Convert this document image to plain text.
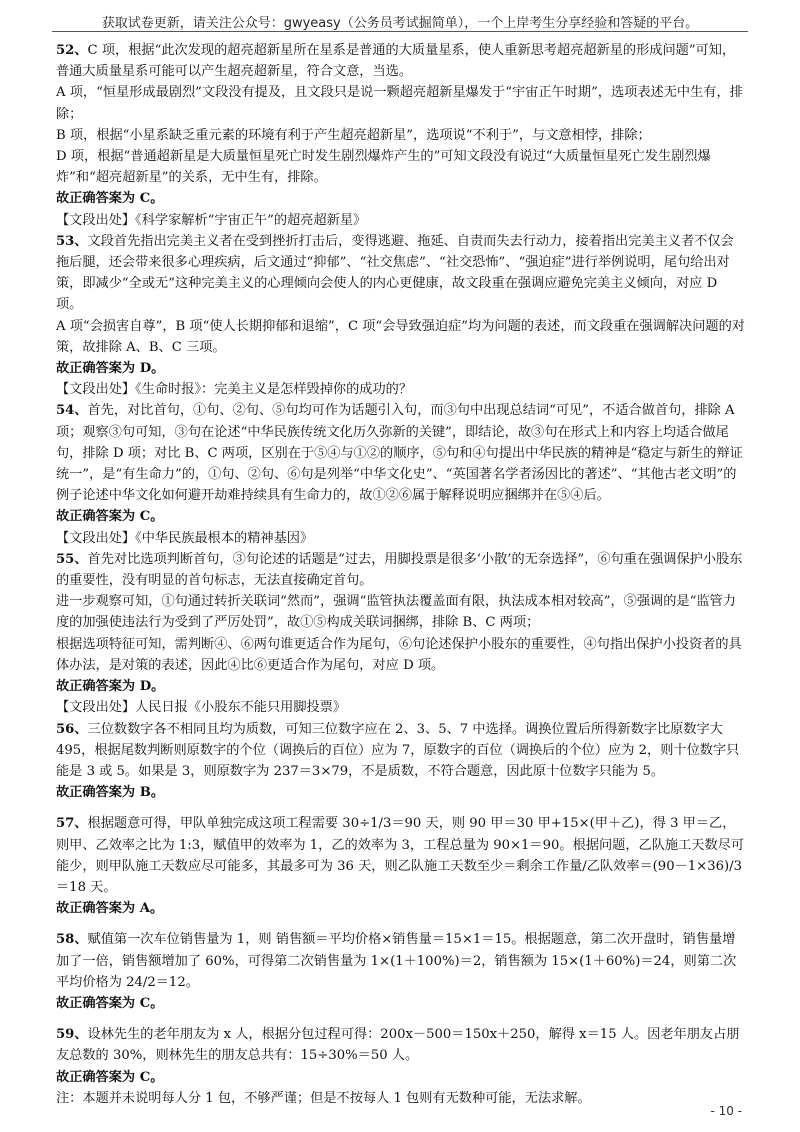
获取试卷更新，请关注公众号：gwyeasy（公务员考试掘简单），一个上岸考生分享经验和答疑的平台。

52、C 项，根据“此次发现的超亮超新星所在星系是普通的大质量星系，使人重新思考超亮超新星的形成问题”可知，普通大质量星系可能可以产生超亮超新星，符合文意，当选。

A 项，“恒星形成最剧烈”文段没有提及，且文段只是说一颗超亮超新星爆发于“宇宙正午时期”，选项表述无中生有，排除；

B 项，根据“小星系缺乏重元素的环境有利于产生超亮超新星”，选项说“不利于”，与文意相悖，排除；

D 项，根据“普通超新星是大质量恒星死亡时发生剧烈爆炸产生的”可知文段没有说过“大质量恒星死亡发生剧烈爆炸”和“超亮超新星”的关系，无中生有，排除。

故正确答案为 C。

【文段出处】《科学家解析“宇宙正午”的超亮超新星》

53、文段首先指出完美主义者在受到挫折打击后，变得逃避、拖延、自责而失去行动力，接着指出完美主义者不仅会拖后腿，还会带来很多心理疾病，后文通过“抑郁”、“社交焦虑”、“社交恐怖”、“强迫症”进行举例说明，尾句给出对策，即减少“全或无”这种完美主义的心理倾向会使人的内心更健康，故文段重在强调应避免完美主义倾向，对应 D 项。

A 项“会损害自尊”，B 项“使人长期抑郁和退缩”，C 项“会导致强迫症”均为问题的表述，而文段重在强调解决问题的对策，故排除 A、B、C 三项。

故正确答案为 D。

【文段出处】《生命时报》：完美主义是怎样毁掉你的成功的？

54、首先，对比首句，①句、②句、⑤句均可作为话题引入句，而③句中出现总结词“可见”，不适合做首句，排除 A 项；观察③句可知，③句在论述“中华民族传统文化历久弥新的关键”，即结论，故③句在形式上和内容上均适合做尾句，排除 D 项；对比 B、C 两项，区别在于⑤④与①②的顺序，⑤句和④句提出中华民族的精神是“稳定与新生的辩证统一”，是“有生命力”的，①句、②句、⑥句是列举“中华文化史”、“英国著名学者汤因比的著述”、“其他古老文明”的例子论述中华文化如何避开劫难持续具有生命力的，故①②⑥属于解释说明应捆绑并在⑤④后。

故正确答案为 C。

【文段出处】《中华民族最根本的精神基因》

55、首先对比选项判断首句，③句论述的话题是“过去，用脚投票是很多‘小散’的无奈选择”，⑥句重在强调保护小股东的重要性，没有明显的首句标志，无法直接确定首句。

进一步观察可知，①句通过转折关联词“然而”，强调“监管执法覆盖面有限，执法成本相对较高”，⑤强调的是“监管力度的加强使违法行为受到了严厉处罚”，故①⑤构成关联词捆绑，排除 B、C 两项；

根据选项特征可知，需判断④、⑥两句谁更适合作为尾句，⑥句论述保护小股东的重要性，④句指出保护小投资者的具体办法，是对策的表述，因此④比⑥更适合作为尾句，对应 D 项。

故正确答案为 D。

【文段出处】人民日报《小股东不能只用脚投票》

56、三位数数字各不相同且均为质数，可知三位数字应在 2、3、5、7 中选择。调换位置后所得新数字比原数字大 495，根据尾数判断则原数字的个位（调换后的百位）应为 7，原数字的百位（调换后的个位）应为 2，则十位数字只能是 3 或 5。如果是 3，则原数字为 237＝3×79，不是质数，不符合题意，因此原十位数字只能为 5。

故正确答案为 B。

57、根据题意可得，甲队单独完成这项工程需要 30÷1/3＝90 天，则 90 甲＝30 甲+15×(甲＋乙)，得 3 甲＝乙，则甲、乙效率之比为 1:3，赋值甲的效率为 1，乙的效率为 3，工程总量为 90×1＝90。根据问题，乙队施工天数尽可能少，则甲队施工天数应尽可能多，其最多可为 36 天，则乙队施工天数至少＝剩余工作量/乙队效率＝(90－1×36)/3＝18 天。

故正确答案为 A。

58、赋值第一次车位销售量为 1，则 销售额＝平均价格×销售量＝15×1＝15。根据题意，第二次开盘时，销售量增加了一倍，销售额增加了 60%，可得第二次销售量为 1×(1＋100%)＝2，销售额为 15×(1＋60%)＝24，则第二次平均价格为 24/2＝12。

故正确答案为 C。

59、设林先生的老年朋友为 x 人，根据分包过程可得：200x－500＝150x＋250，解得 x＝15 人。因老年朋友占朋友总数的 30%，则林先生的朋友总共有：15÷30%＝50 人。

故正确答案为 C。

注：本题并未说明每人分 1 包，不够严谨；但是不按每人 1 包则有无数种可能，无法求解。

- 10 -
